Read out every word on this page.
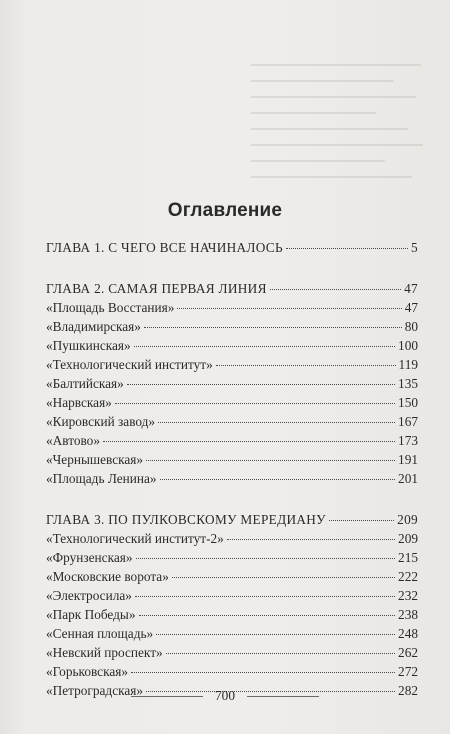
Оглавление
ГЛАВА 1. С ЧЕГО ВСЕ НАЧИНАЛОСЬ	5
ГЛАВА 2. САМАЯ ПЕРВАЯ ЛИНИЯ	47
«Площадь Восстания»	47
«Владимирская»	80
«Пушкинская»	100
«Технологический институт»	119
«Балтийская»	135
«Нарвская»	150
«Кировский завод»	167
«Автово»	173
«Чернышевская»	191
«Площадь Ленина»	201
ГЛАВА 3. ПО ПУЛКОВСКОМУ МЕРЕДИАНУ	209
«Технологический институт-2»	209
«Фрунзенская»	215
«Московские ворота»	222
«Электросила»	232
«Парк Победы»	238
«Сенная площадь»	248
«Невский проспект»	262
«Горьковская»	272
«Петроградская»	282
700
